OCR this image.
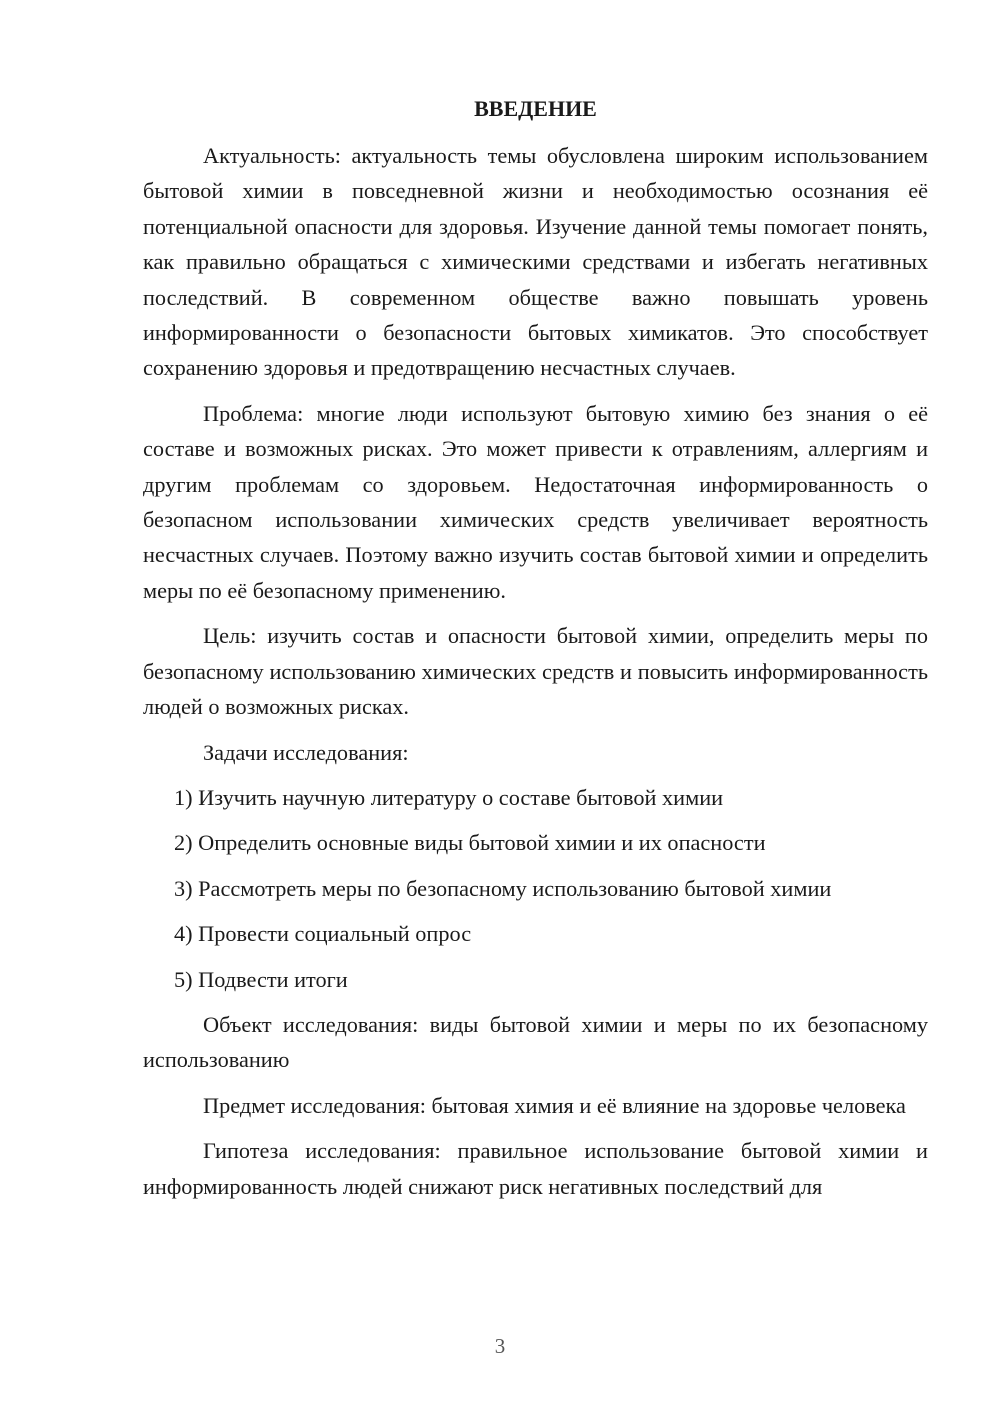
ВВЕДЕНИЕ

Актуальность: актуальность темы обусловлена широким использованием бытовой химии в повседневной жизни и необходимостью осознания её потенциальной опасности для здоровья. Изучение данной темы помогает понять, как правильно обращаться с химическими средствами и избегать негативных последствий. В современном обществе важно повышать уровень информированности о безопасности бытовых химикатов. Это способствует сохранению здоровья и предотвращению несчастных случаев.

Проблема: многие люди используют бытовую химию без знания о её составе и возможных рисках. Это может привести к отравлениям, аллергиям и другим проблемам со здоровьем. Недостаточная информированность о безопасном использовании химических средств увеличивает вероятность несчастных случаев. Поэтому важно изучить состав бытовой химии и определить меры по её безопасному применению.

Цель: изучить состав и опасности бытовой химии, определить меры по безопасному использованию химических средств и повысить информированность людей о возможных рисках.

Задачи исследования:

1) Изучить научную литературу о составе бытовой химии
2) Определить основные виды бытовой химии и их опасности
3) Рассмотреть меры по безопасному использованию бытовой химии
4) Провести социальный опрос
5) Подвести итоги

Объект исследования: виды бытовой химии и меры по их безопасному использованию

Предмет исследования: бытовая химия и её влияние на здоровье человека

Гипотеза исследования: правильное использование бытовой химии и информированность людей снижают риск негативных последствий для

3
